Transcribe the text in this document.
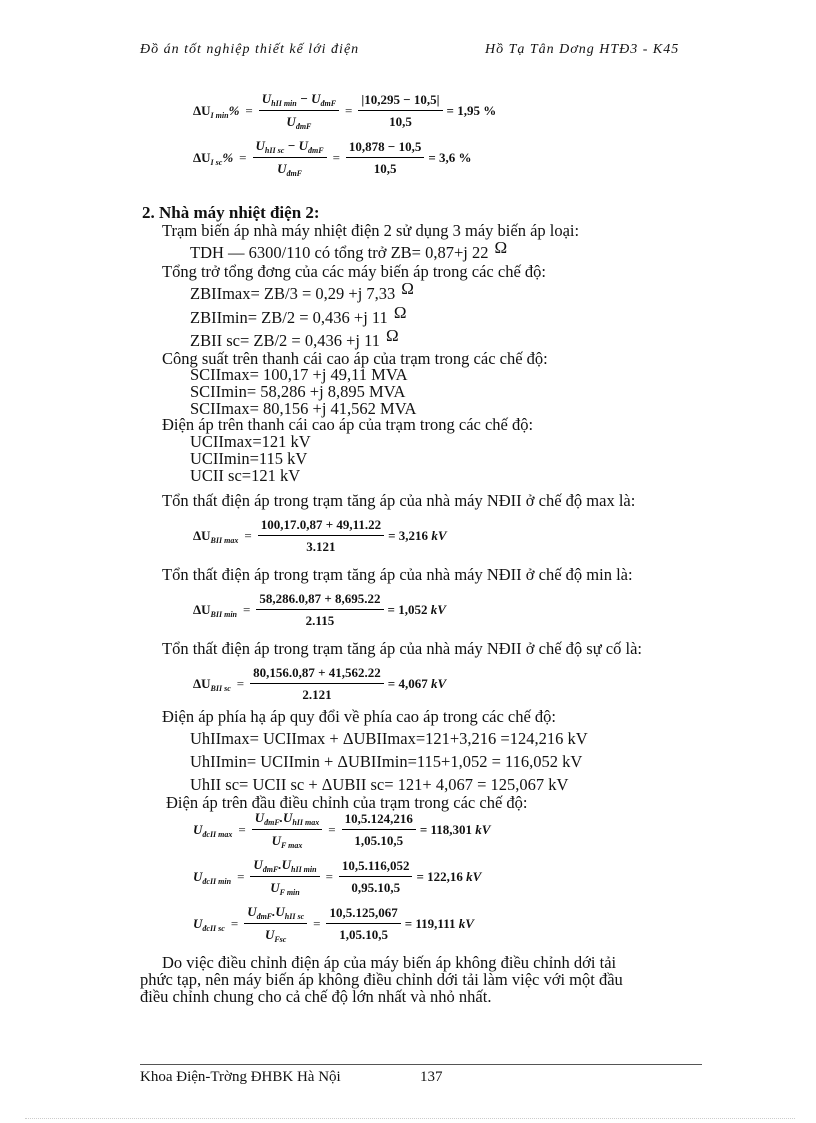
Đồ án tốt nghiệp thiết kế lới điện	Hồ Tạ Tân Dơng HTĐ3 - K45
$\Delta U_{I min}\% = \frac{U_{hII min} - U_{đmF}}{U_{đmF}} = \frac{|10,295 - 10,5|}{10,5} = 1,95$ %
$\Delta U_{I sc}\% = \frac{U_{hII sc} - U_{đmF}}{U_{đmF}} = \frac{10,878 - 10,5}{10,5} = 3,6$ %
2. Nhà máy nhiệt điện 2:
Trạm biến áp nhà máy nhiệt điện 2 sử dụng 3 máy biến áp loại:
TDH — 6300/110 có tổng trở ZB= 0,87+j 22 Ω
Tổng trở tổng đơng của các máy biến áp trong các chế độ:
ZBIImax= ZB/3 = 0,29 +j 7,33 Ω
ZBIImin= ZB/2 = 0,436 +j 11 Ω
ZBII sc= ZB/2 = 0,436 +j 11 Ω
Công suất trên thanh cái cao áp của trạm trong các chế độ:
SCIImax= 100,17 +j 49,11 MVA
SCIImin= 58,286 +j 8,895 MVA
SCIImax= 80,156 +j 41,562 MVA
Điện áp trên thanh cái cao áp của trạm trong các chế độ:
UCIImax=121 kV
UCIImin=115 kV
UCII sc=121 kV
Tổn thất điện áp trong trạm tăng áp của nhà máy NĐII ở chế độ max là:
$\Delta U_{BII max} = \frac{100,17.0,87 + 49,11.22}{3.121} = 3,216$
kV
Tổn thất điện áp trong trạm tăng áp của nhà máy NĐII ở chế độ min là:
$\Delta U_{BII min} = \frac{58,286.0,87 + 8,695.22}{2.115} = 1,052$
kV
Tổn thất điện áp trong trạm tăng áp của nhà máy NĐII ở chế độ sự cố là:
$\Delta U_{BII sc} = \frac{80,156.0,87 + 41,562.22}{2.121} = 4,067$
kV
Điện áp phía hạ áp quy đổi về phía cao áp trong các chế độ:
UhIImax= UCIImax + ΔUBIImax=121+3,216 =124,216 kV
UhIImin= UCIImin + ΔUBIImin=115+1,052 = 116,052 kV
UhII sc= UCII sc + ΔUBII sc= 121+ 4,067 = 125,067 kV
Điện áp trên đầu điều chỉnh của trạm trong các chế độ:
$U_{đcII max} = \frac{U_{đmF}.U_{hII max}}{U_{F max}} = \frac{10,5.124,216}{1,05.10,5} = 118,301$
kV
$U_{đcII min} = \frac{U_{đmF}.U_{hII min}}{U_{F min}} = \frac{10,5.116,052}{0,95.10,5} = 122,16$
kV
$U_{đcII sc} = \frac{U_{đmF}.U_{hII sc}}{U_{Fsc}} = \frac{10,5.125,067}{1,05.10,5} = 119,111$
kV
Do việc điều chỉnh điện áp của máy biến áp không điều chỉnh dới tải
phức tạp, nên máy biến áp không điều chỉnh dới tải làm việc với một đầu
điều chỉnh chung cho cả chế độ lớn nhất và nhỏ nhất.
Khoa Điện-Trờng ĐHBK Hà Nội	137
